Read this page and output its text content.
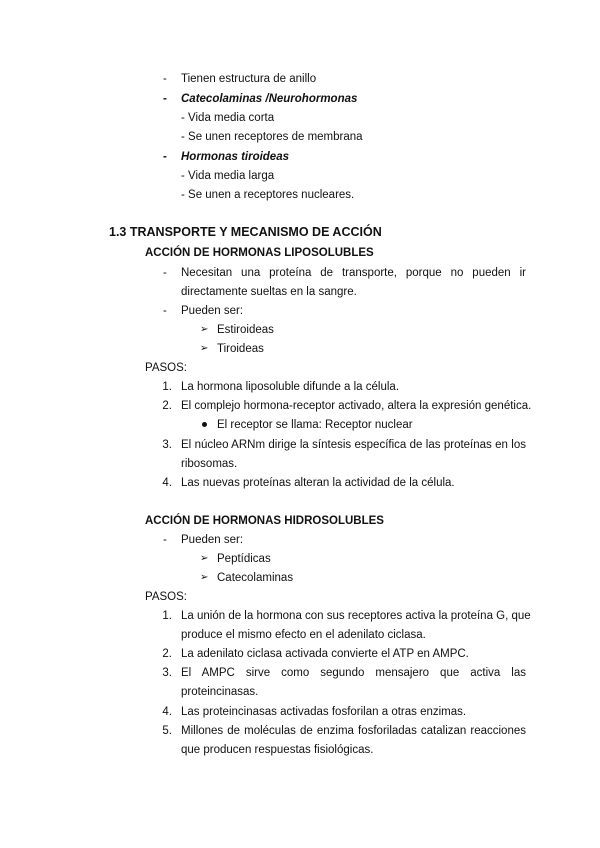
-	Tienen estructura de anillo
-	Catecolaminas /Neurohormonas
- Vida media corta
- Se unen receptores de membrana
-	Hormonas tiroideas
- Vida media larga
- Se unen a receptores nucleares.
1.3 TRANSPORTE Y MECANISMO DE ACCIÓN
ACCIÓN DE HORMONAS LIPOSOLUBLES
-	Necesitan una proteína de transporte, porque no pueden ir
directamente sueltas en la sangre.
-	Pueden ser:
➢ Estiroideas
➢ Tiroideas
PASOS:
1. La hormona liposoluble difunde a la célula.
2. El complejo hormona-receptor activado, altera la expresión genética.
El receptor se llama: Receptor nuclear
3. El núcleo ARNm dirige la síntesis específica de las proteínas en los
ribosomas.
4. Las nuevas proteínas alteran la actividad de la célula.
ACCIÓN DE HORMONAS HIDROSOLUBLES
-	Pueden ser:
➢ Peptídicas
➢ Catecolaminas
PASOS:
1. La unión de la hormona con sus receptores activa la proteína G, que
produce el mismo efecto en el adenilato ciclasa.
2. La adenilato ciclasa activada convierte el ATP en AMPC.
3. El AMPC sirve como segundo mensajero que activa las
proteincinasas.
4. Las proteincinasas activadas fosforilan a otras enzimas.
5. Millones de moléculas de enzima fosforiladas catalizan reacciones
que producen respuestas fisiológicas.
